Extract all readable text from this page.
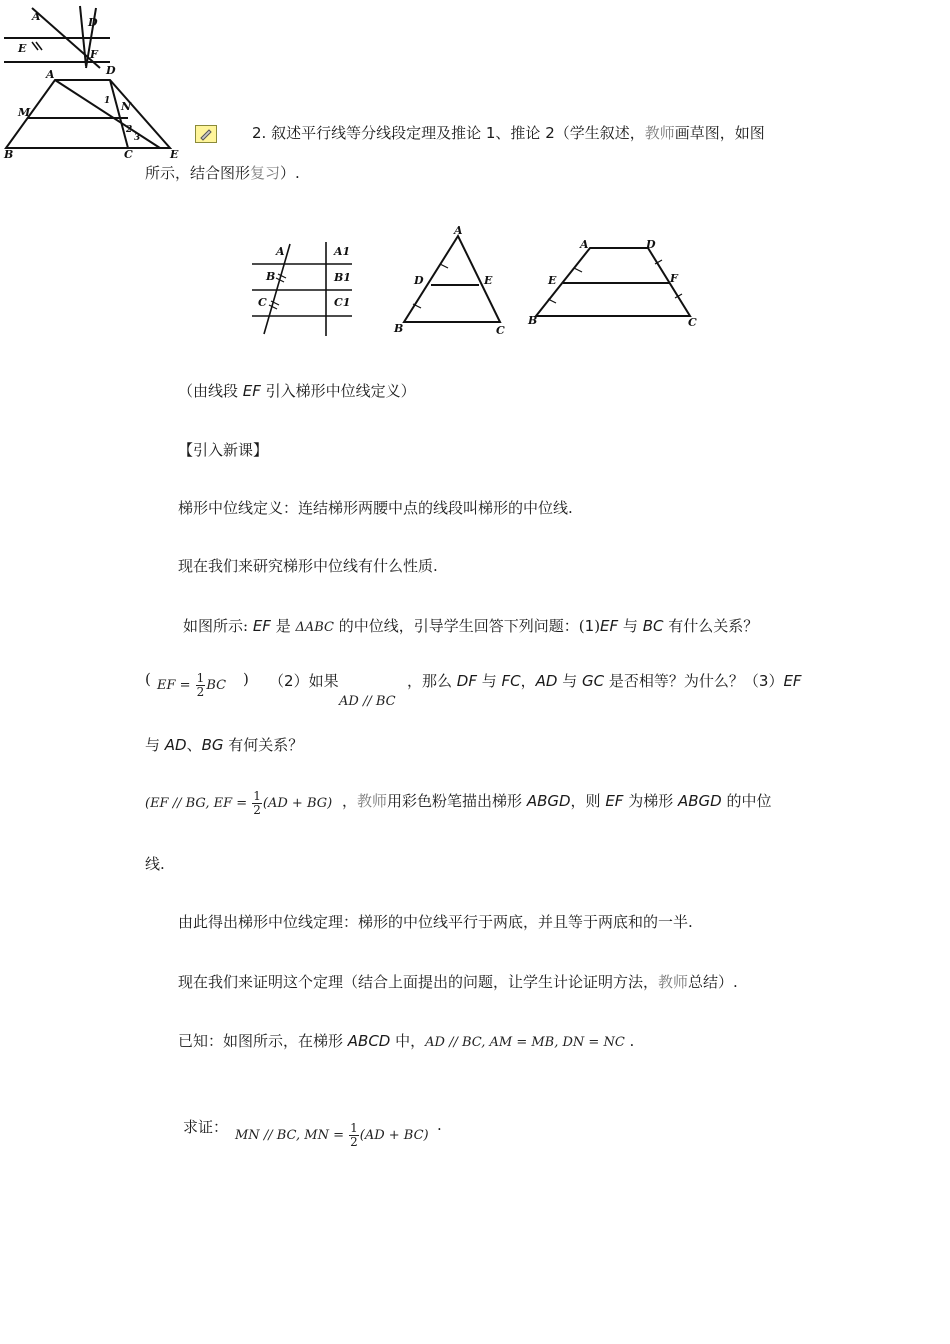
A	D
E	F
A	D
M	N
1
2
3
B	C	E
2. 叙述平行线等分线段定理及推论 1、推论 2（学生叙述，教师画草图，如图
所示，结合图形复习）.
A	A1
B	B1
C	C1
A
D	E
B	C
A	D
E	F
B	C
（由线段 EF 引入梯形中位线定义）
【引入新课】
梯形中位线定义：连结梯形两腰中点的线段叫梯形的中位线.
现在我们来研究梯形中位线有什么性质.
如图所示: EF 是 ΔABC 的中位线，引导学生回答下列问题：(1)EF 与 BC 有什么关系？
( EF = $\frac{1}{2}$ BC ) （2）如果
AD // BC
，那么 DF 与 FC，AD 与 GC 是否相等？为什么？（3）EF
与 AD、BG 有何关系？
(EF // BG, EF = $\frac{1}{2} (AD + BG)$ ，教师用彩色粉笔描出梯形 ABGD，则 EF 为梯形 ABGD 的中位
线.
由此得出梯形中位线定理：梯形的中位线平行于两底，并且等于两底和的一半.
现在我们来证明这个定理（结合上面提出的问题，让学生计论证明方法，教师总结）.
已知：如图所示，在梯形 ABCD 中，AD // BC, AM = MB, DN = NC .
求证： MN // BC, MN = $\frac{1}{2} (AD + BC)$
.
